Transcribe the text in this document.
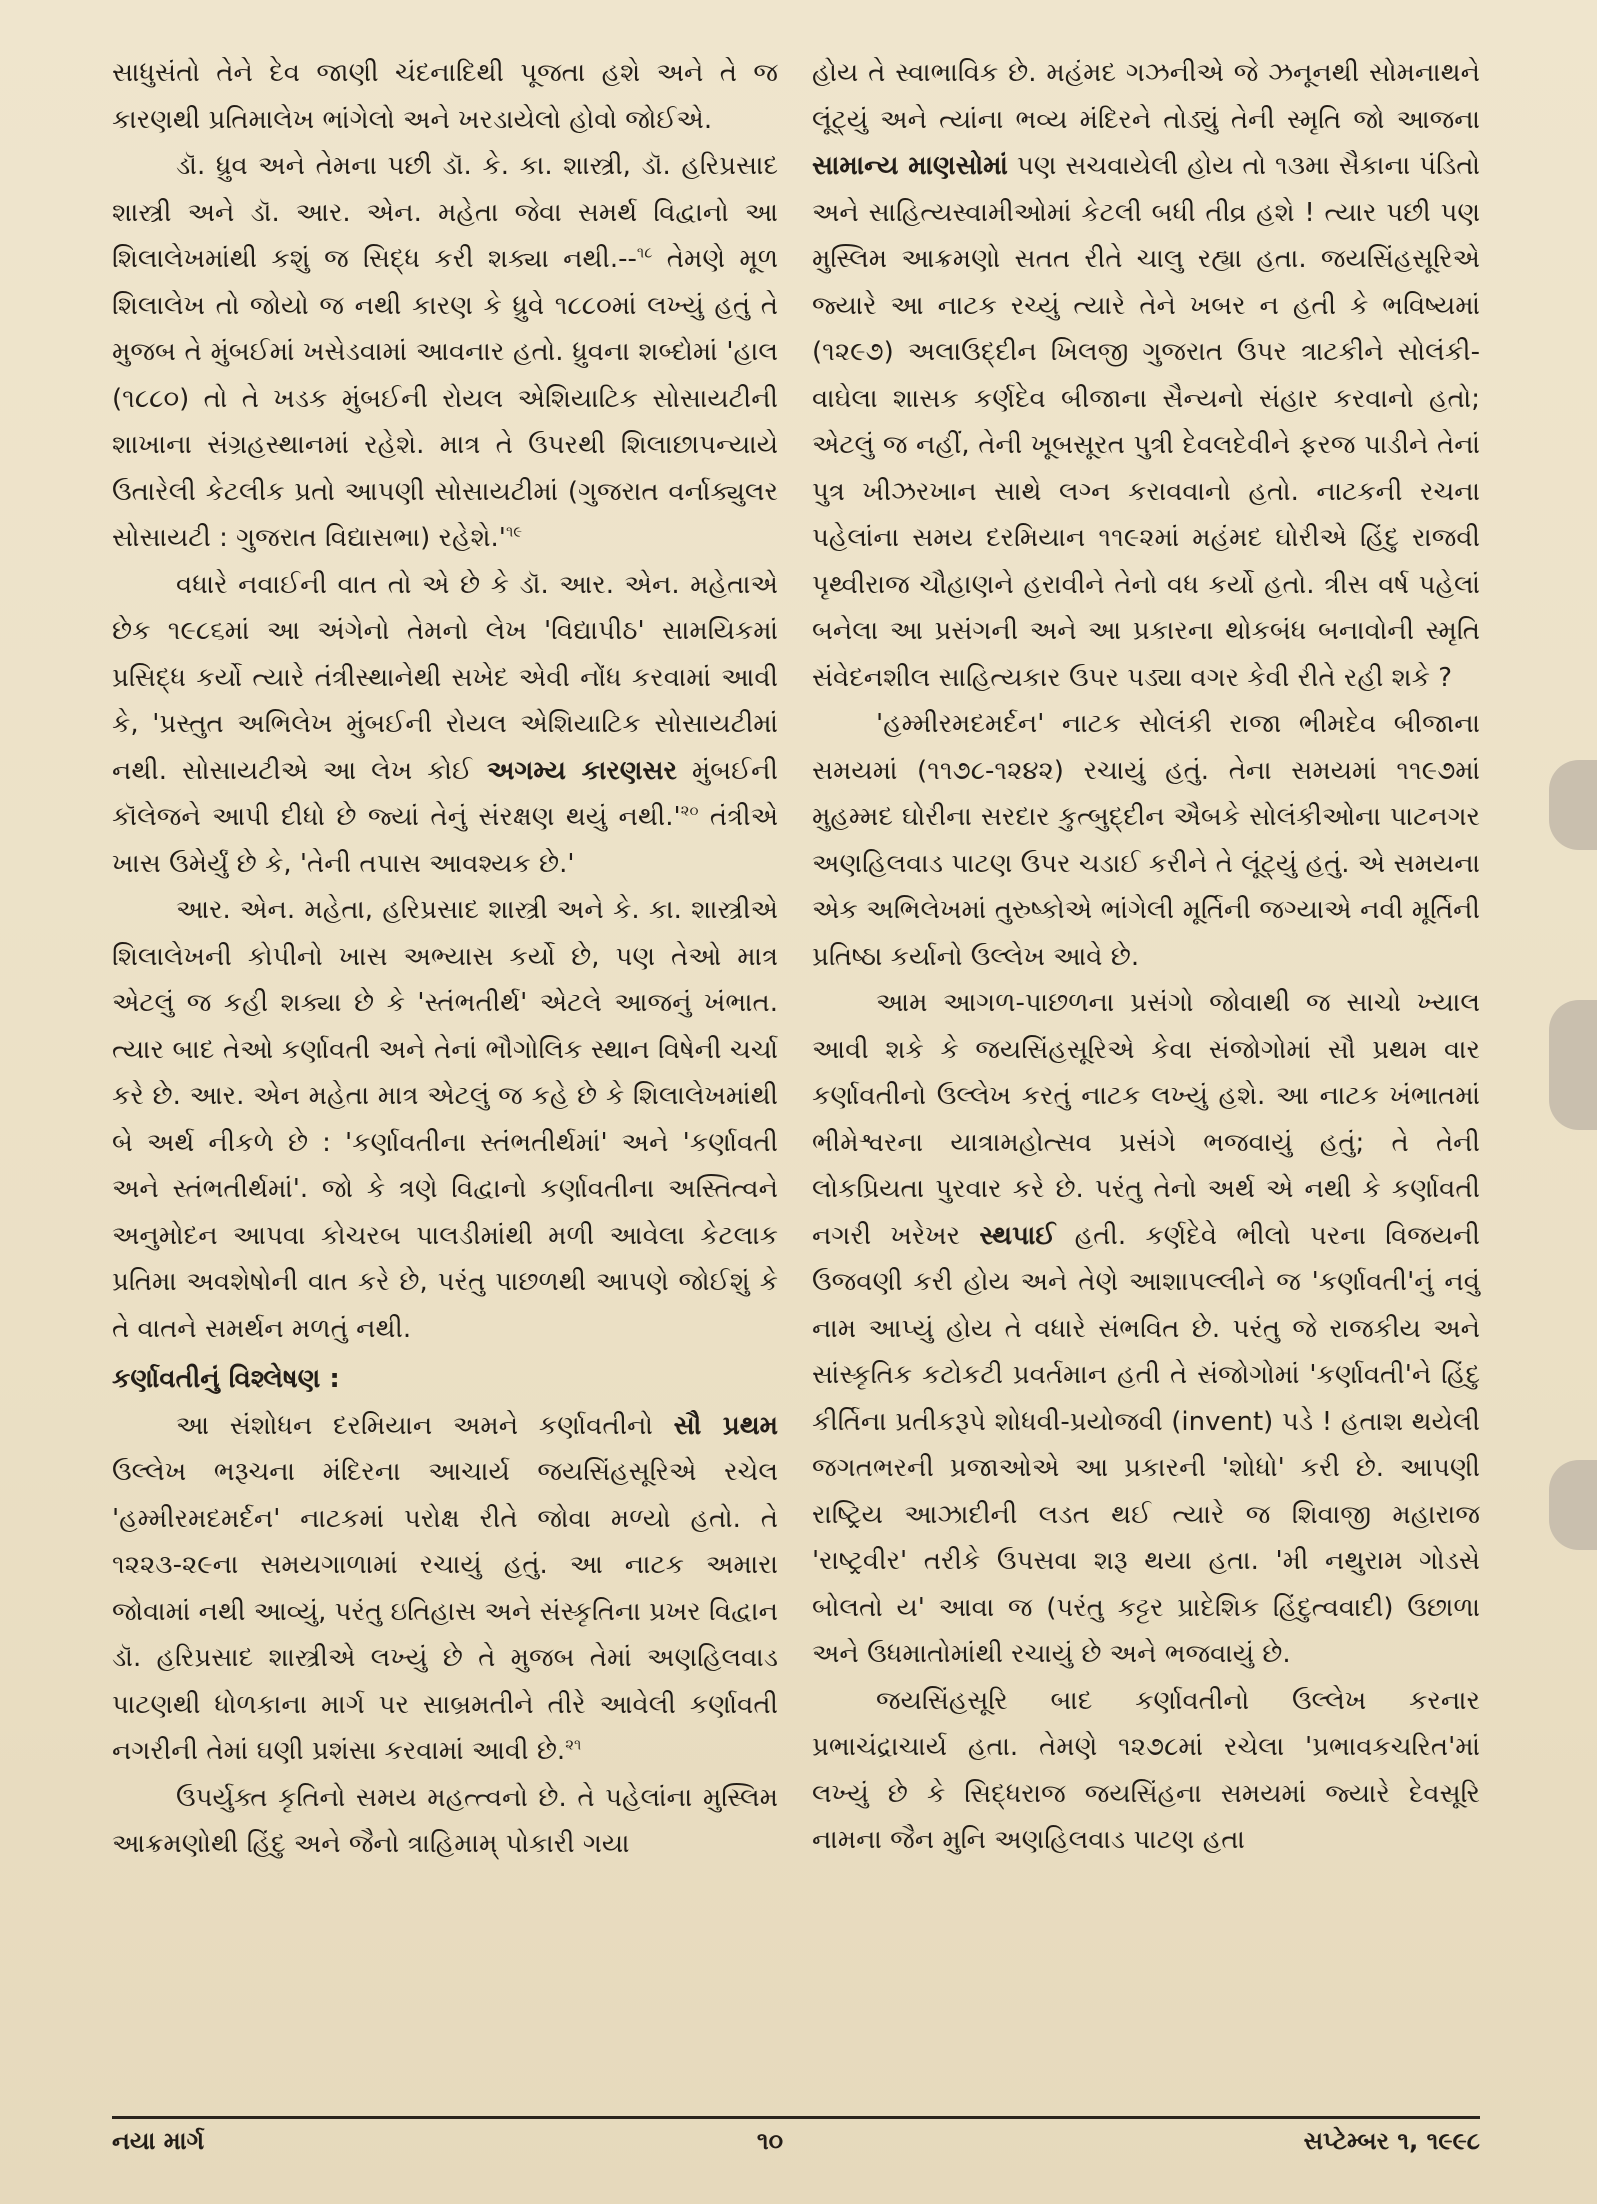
સાધુસંતો તેને દેવ જાણી ચંદનાદિથી પૂજતા હશે અને તે જ કારણથી પ્રતિમાલેખ ભાંગેલો અને ખરડાયેલો હોવો જોઈએ.

ડૉ. ધ્રુવ અને તેમના પછી ડૉ. કે. કા. શાસ્ત્રી, ડૉ. હરિપ્રસાદ શાસ્ત્રી અને ડૉ. આર. એન. મહેતા જેવા સમર્થ વિદ્વાનો આ શિલાલેખમાંથી કશું જ સિદ્ધ કરી શક્યા નથી.--$^{૧૮}$ તેમણે મૂળ શિલાલેખ તો જોયો જ નથી કારણ કે ધ્રુવે ૧૮૮૦માં લખ્યું હતું તે મુજબ તે મુંબઈમાં ખસેડવામાં આવનાર હતો. ધ્રુવના શબ્દોમાં 'હાલ (૧૮૮૦) તો તે ખડક મુંબઈની રોયલ એશિયાટિક સોસાયટીની શાખાના સંગ્રહસ્થાનમાં રહેશે. માત્ર તે ઉપરથી શિલાછાપન્યાયે ઉતારેલી કેટલીક પ્રતો આપણી સોસાયટીમાં (ગુજરાત વર્નાક્યુલર સોસાયટી : ગુજરાત વિદ્યાસભા) $રહેશે.'^{૧૯}$

વધારે નવાઈની વાત તો એ છે કે ડૉ. આર. એન. મહેતાએ છેક ૧૯૮૬માં આ અંગેનો તેમનો લેખ 'વિદ્યાપીઠ' સામયિકમાં પ્રસિદ્ધ કર્યો ત્યારે તંત્રીસ્થાનેથી સખેદ એવી નોંધ કરવામાં આવી કે, 'પ્રસ્તુત અભિલેખ મુંબઈની રોયલ એશિયાટિક સોસાયટીમાં નથી. સોસાયટીએ આ લેખ કોઈ અગમ્ય કારણસર મુંબઈની કૉલેજને આપી દીધો છે જ્યાં તેનું સંરક્ષણ થયું $નથી.'^{૨૦}$ તંત્રીએ ખાસ ઉમેર્યું છે કે, 'તેની તપાસ આવશ્યક છે.'

આર. એન. મહેતા, હરિપ્રસાદ શાસ્ત્રી અને કે. કા. શાસ્ત્રીએ શિલાલેખની કોપીનો ખાસ અભ્યાસ કર્યો છે, પણ તેઓ માત્ર એટલું જ કહી શક્યા છે કે 'સ્તંભતીર્થ' એટલે આજનું ખંભાત. ત્યાર બાદ તેઓ કર્ણાવતી અને તેનાં ભૌગોલિક સ્થાન વિષેની ચર્ચા કરે છે. આર. એન મહેતા માત્ર એટલું જ કહે છે કે શિલાલેખમાંથી બે અર્થ નીકળે છે : 'કર્ણાવતીના સ્તંભતીર્થમાં' અને 'કર્ણાવતી અને સ્તંભતીર્થમાં'. જો કે ત્રણે વિદ્વાનો કર્ણાવતીના અસ્તિત્વને અનુમોદન આપવા કોચરબ પાલડીમાંથી મળી આવેલા કેટલાક પ્રતિમા અવશેષોની વાત કરે છે, પરંતુ પાછળથી આપણે જોઈશું કે તે વાતને સમર્થન મળતું નથી.

કર્ણાવતીનું વિશ્લેષણ :

આ સંશોધન દરમિયાન અમને કર્ણાવતીનો સૌ પ્રથમ ઉલ્લેખ ભરૂચના મંદિરના આચાર્ય જયસિંહસૂરિએ રચેલ 'હમ્મીરમદમર્દન' નાટકમાં પરોક્ષ રીતે જોવા મળ્યો હતો. તે ૧૨૨૩-૨૯ના સમયગાળામાં રચાયું હતું. આ નાટક અમારા જોવામાં નથી આવ્યું, પરંતુ ઇતિહાસ અને સંસ્કૃતિના પ્રખર વિદ્વાન ડૉ. હરિપ્રસાદ શાસ્ત્રીએ લખ્યું છે તે મુજબ તેમાં અણહિલવાડ પાટણથી ધોળકાના માર્ગ પર સાબ્રમતીને તીરે આવેલી કર્ણાવતી નગરીની તેમાં ઘણી પ્રશંસા કરવામાં આવી છે.$^{૨૧}$

ઉપર્યુક્ત કૃતિનો સમય મહત્ત્વનો છે. તે પહેલાંના મુસ્લિમ આક્રમણોથી હિંદુ અને જૈનો ત્રાહિમામ્ પોકારી ગયા

હોય તે સ્વાભાવિક છે. મહંમદ ગઝનીએ જે ઝનૂનથી સોમનાથને લૂંટ્યું અને ત્યાંના ભવ્ય મંદિરને તોડ્યું તેની સ્મૃતિ જો આજના સામાન્ય માણસોમાં પણ સચવાયેલી હોય તો ૧૩મા સૈકાના પંડિતો અને સાહિત્યસ્વામીઓમાં કેટલી બધી તીવ્ર હશે ! ત્યાર પછી પણ મુસ્લિમ આક્રમણો સતત રીતે ચાલુ રહ્યા હતા. જયસિંહસૂરિએ જ્યારે આ નાટક રચ્યું ત્યારે તેને ખબર ન હતી કે ભવિષ્યમાં (૧૨૯૭) અલાઉદ્દીન ખિલજી ગુજરાત ઉપર ત્રાટકીને સોલંકી-વાઘેલા શાસક કર્ણદેવ બીજાના સૈન્યનો સંહાર કરવાનો હતો; એટલું જ નહીં, તેની ખૂબસૂરત પુત્રી દેવલદેવીને ફરજ પાડીને તેનાં પુત્ર ખીઝરખાન સાથે લગ્ન કરાવવાનો હતો. નાટકની રચના પહેલાંના સમય દરમિયાન ૧૧૯૨માં મહંમદ ઘોરીએ હિંદુ રાજવી પૃથ્વીરાજ ચૌહાણને હરાવીને તેનો વધ કર્યો હતો. ત્રીસ વર્ષ પહેલાં બનેલા આ પ્રસંગની અને આ પ્રકારના થોકબંધ બનાવોની સ્મૃતિ સંવેદનશીલ સાહિત્યકાર ઉપર પડ્યા વગર કેવી રીતે રહી શકે ?

'હમ્મીરમદમર્દન' નાટક સોલંકી રાજા ભીમદેવ બીજાના સમયમાં (૧૧૭૮-૧૨૪૨) રચાયું હતું. તેના સમયમાં ૧૧૯૭માં મુહમ્મદ ઘોરીના સરદાર કુત્બુદ્દીન ઐબકે સોલંકીઓના પાટનગર અણહિલવાડ પાટણ ઉપર ચડાઈ કરીને તે લૂંટ્યું હતું. એ સમયના એક અભિલેખમાં તુરુષ્કોએ ભાંગેલી મૂર્તિની જગ્યાએ નવી મૂર્તિની પ્રતિષ્ઠા કર્યાનો ઉલ્લેખ આવે છે.

આમ આગળ-પાછળના પ્રસંગો જોવાથી જ સાચો ખ્યાલ આવી શકે કે જયસિંહસૂરિએ કેવા સંજોગોમાં સૌ પ્રથમ વાર કર્ણાવતીનો ઉલ્લેખ કરતું નાટક લખ્યું હશે. આ નાટક ખંભાતમાં ભીમેશ્વરના યાત્રામહોત્સવ પ્રસંગે ભજવાયું હતું; તે તેની લોકપ્રિયતા પુરવાર કરે છે. પરંતુ તેનો અર્થ એ નથી કે કર્ણાવતી નગરી ખરેખર સ્થપાઈ હતી. કર્ણદેવે ભીલો પરના વિજયની ઉજવણી કરી હોય અને તેણે આશાપલ્લીને જ 'કર્ણાવતી'નું નવું નામ આપ્યું હોય તે વધારે સંભવિત છે. પરંતુ જે રાજકીય અને સાંસ્કૃતિક કટોકટી પ્રવર્તમાન હતી તે સંજોગોમાં 'કર્ણાવતી'ને હિંદુ કીર્તિના પ્રતીકરૂપે શોધવી-પ્રયોજવી (invent) પડે ! હતાશ થયેલી જગતભરની પ્રજાઓએ આ પ્રકારની 'શોધો' કરી છે. આપણી રાષ્ટ્રિય આઝાદીની લડત થઈ ત્યારે જ શિવાજી મહારાજ 'રાષ્ટ્રવીર' તરીકે ઉપસવા શરૂ થયા હતા. 'મી નથુરામ ગોડસે બોલતો ય' આવા જ (પરંતુ કટ્ટર પ્રાદેશિક હિંદુત્વવાદી) ઉછાળા અને ઉધમાતોમાંથી રચાયું છે અને ભજવાયું છે.

જયસિંહસૂરિ બાદ કર્ણાવતીનો ઉલ્લેખ કરનાર પ્રભાચંદ્રાચાર્ય હતા. તેમણે ૧૨૭૮માં રચેલા 'પ્રભાવકચરિત'માં લખ્યું છે કે સિદ્ધરાજ જયસિંહના સમયમાં જ્યારે દેવસૂરિ નામના જૈન મુનિ અણહિલવાડ પાટણ હતા

નયા માર્ગ	૧૦	સપ્ટેમ્બર ૧, ૧૯૯૮
